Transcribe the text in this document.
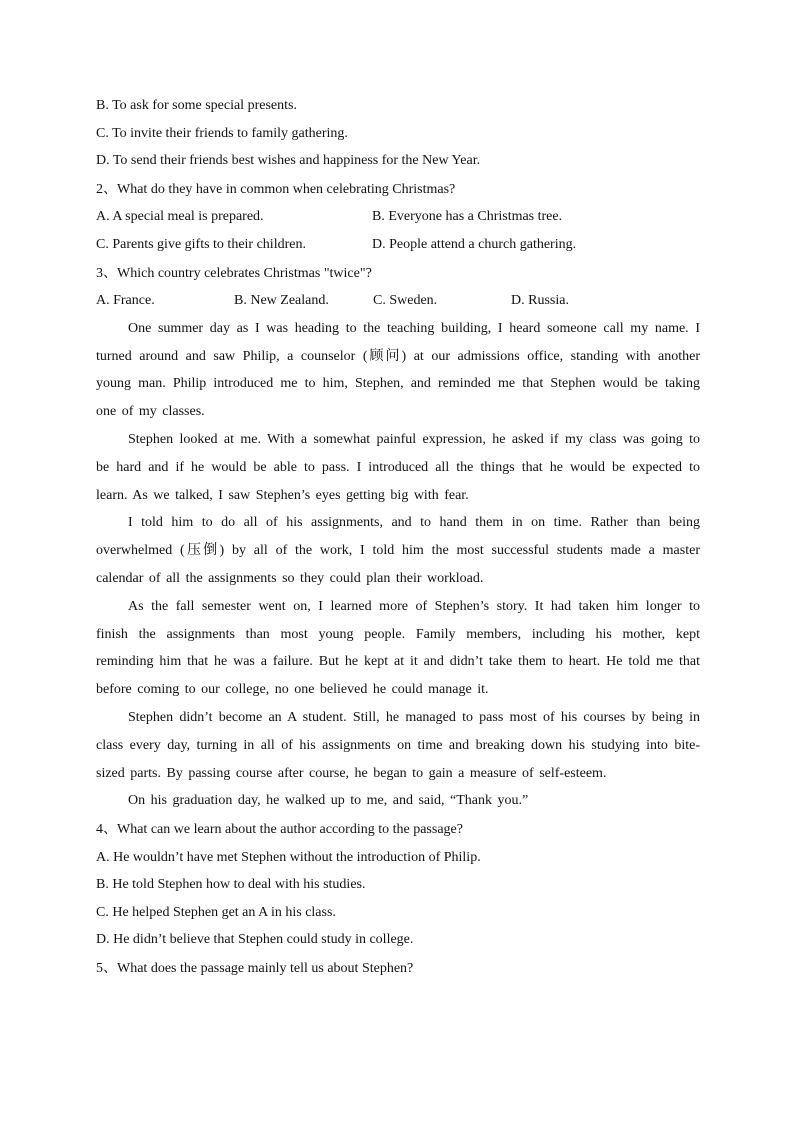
B. To ask for some special presents.
C. To invite their friends to family gathering.
D. To send their friends best wishes and happiness for the New Year.
2、What do they have in common when celebrating Christmas?
A. A special meal is prepared.	B. Everyone has a Christmas tree.
C. Parents give gifts to their children.	D. People attend a church gathering.
3、Which country celebrates Christmas "twice"?
A. France.	B. New Zealand.	C. Sweden.	D. Russia.

One summer day as I was heading to the teaching building, I heard someone call my name. I turned around and saw Philip, a counselor (顾问) at our admissions office, standing with another young man. Philip introduced me to him, Stephen, and reminded me that Stephen would be taking one of my classes.

Stephen looked at me. With a somewhat painful expression, he asked if my class was going to be hard and if he would be able to pass. I introduced all the things that he would be expected to learn. As we talked, I saw Stephen’s eyes getting big with fear.

I told him to do all of his assignments, and to hand them in on time. Rather than being overwhelmed (压倒) by all of the work, I told him the most successful students made a master calendar of all the assignments so they could plan their workload.

As the fall semester went on, I learned more of Stephen’s story. It had taken him longer to finish the assignments than most young people. Family members, including his mother, kept reminding him that he was a failure. But he kept at it and didn’t take them to heart. He told me that before coming to our college, no one believed he could manage it.

Stephen didn’t become an A student. Still, he managed to pass most of his courses by being in class every day, turning in all of his assignments on time and breaking down his studying into bite-sized parts. By passing course after course, he began to gain a measure of self-esteem.

On his graduation day, he walked up to me, and said, “Thank you.”

4、What can we learn about the author according to the passage?
A. He wouldn’t have met Stephen without the introduction of Philip.
B. He told Stephen how to deal with his studies.
C. He helped Stephen get an A in his class.
D. He didn’t believe that Stephen could study in college.
5、What does the passage mainly tell us about Stephen?
